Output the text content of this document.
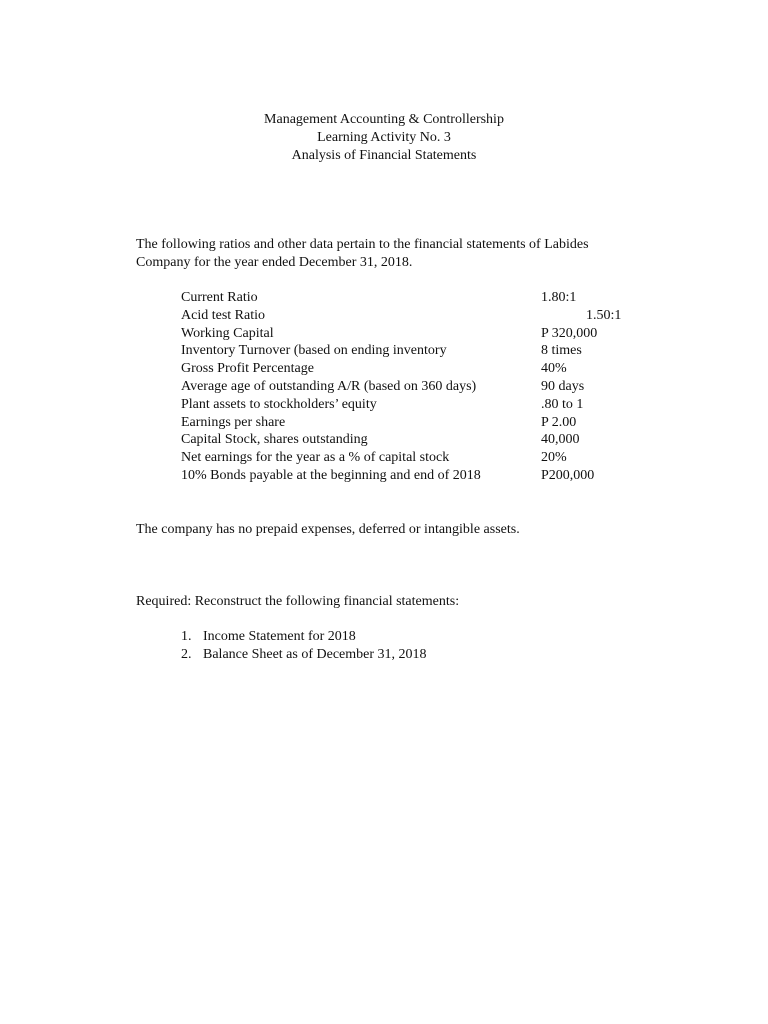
Management Accounting & Controllership
Learning Activity No. 3
Analysis of Financial Statements
The following ratios and other data pertain to the financial statements of Labides
Company for the year ended December 31, 2018.
Current Ratio	1.80:1
Acid test Ratio	1.50:1
Working Capital	P 320,000
Inventory Turnover (based on ending inventory	8 times
Gross Profit Percentage	40%
Average age of outstanding A/R (based on 360 days)	90 days
Plant assets to stockholders’ equity	.80 to 1
Earnings per share	P 2.00
Capital Stock, shares outstanding	40,000
Net earnings for the year as a % of capital stock	20%
10% Bonds payable at the beginning and end of 2018	P200,000
The company has no prepaid expenses, deferred or intangible assets.
Required: Reconstruct the following financial statements:
1. Income Statement for 2018
2. Balance Sheet as of December 31, 2018
